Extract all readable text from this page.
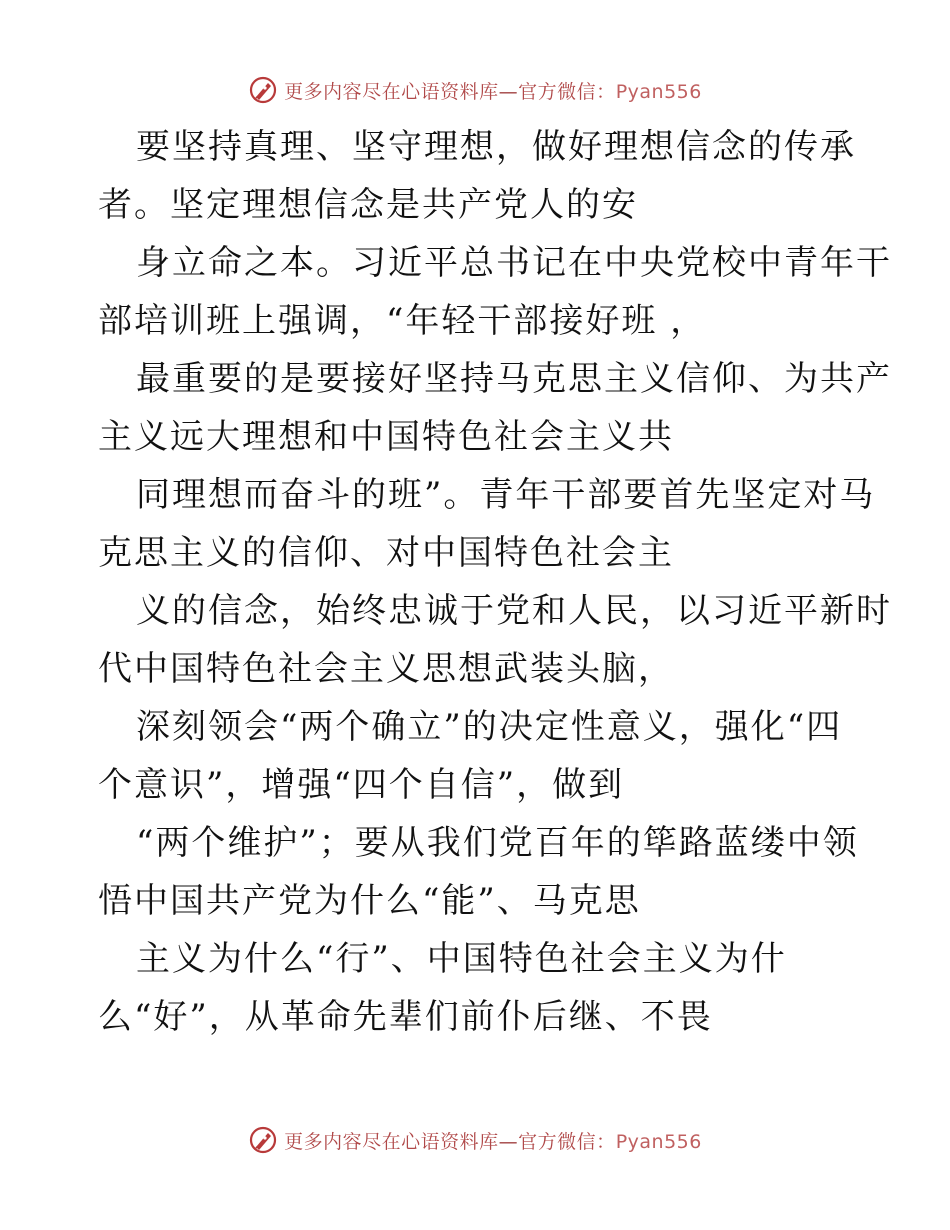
更多内容尽在心语资料库—官方微信：Pyan556
要坚持真理、坚守理想，做好理想信念的传承
者。坚定理想信念是共产党人的安
身立命之本。习近平总书记在中央党校中青年干
部培训班上强调，“年轻干部接好班 ，
最重要的是要接好坚持马克思主义信仰、为共产
主义远大理想和中国特色社会主义共
同理想而奋斗的班”。青年干部要首先坚定对马
克思主义的信仰、对中国特色社会主
义的信念，始终忠诚于党和人民，以习近平新时
代中国特色社会主义思想武装头脑，
深刻领会“两个确立”的决定性意义，强化“四
个意识”，增强“四个自信”，做到
“两个维护”；要从我们党百年的筚路蓝缕中领
悟中国共产党为什么“能”、马克思
主义为什么“行”、中国特色社会主义为什
么“好”，从革命先辈们前仆后继、不畏
更多内容尽在心语资料库—官方微信：Pyan556
